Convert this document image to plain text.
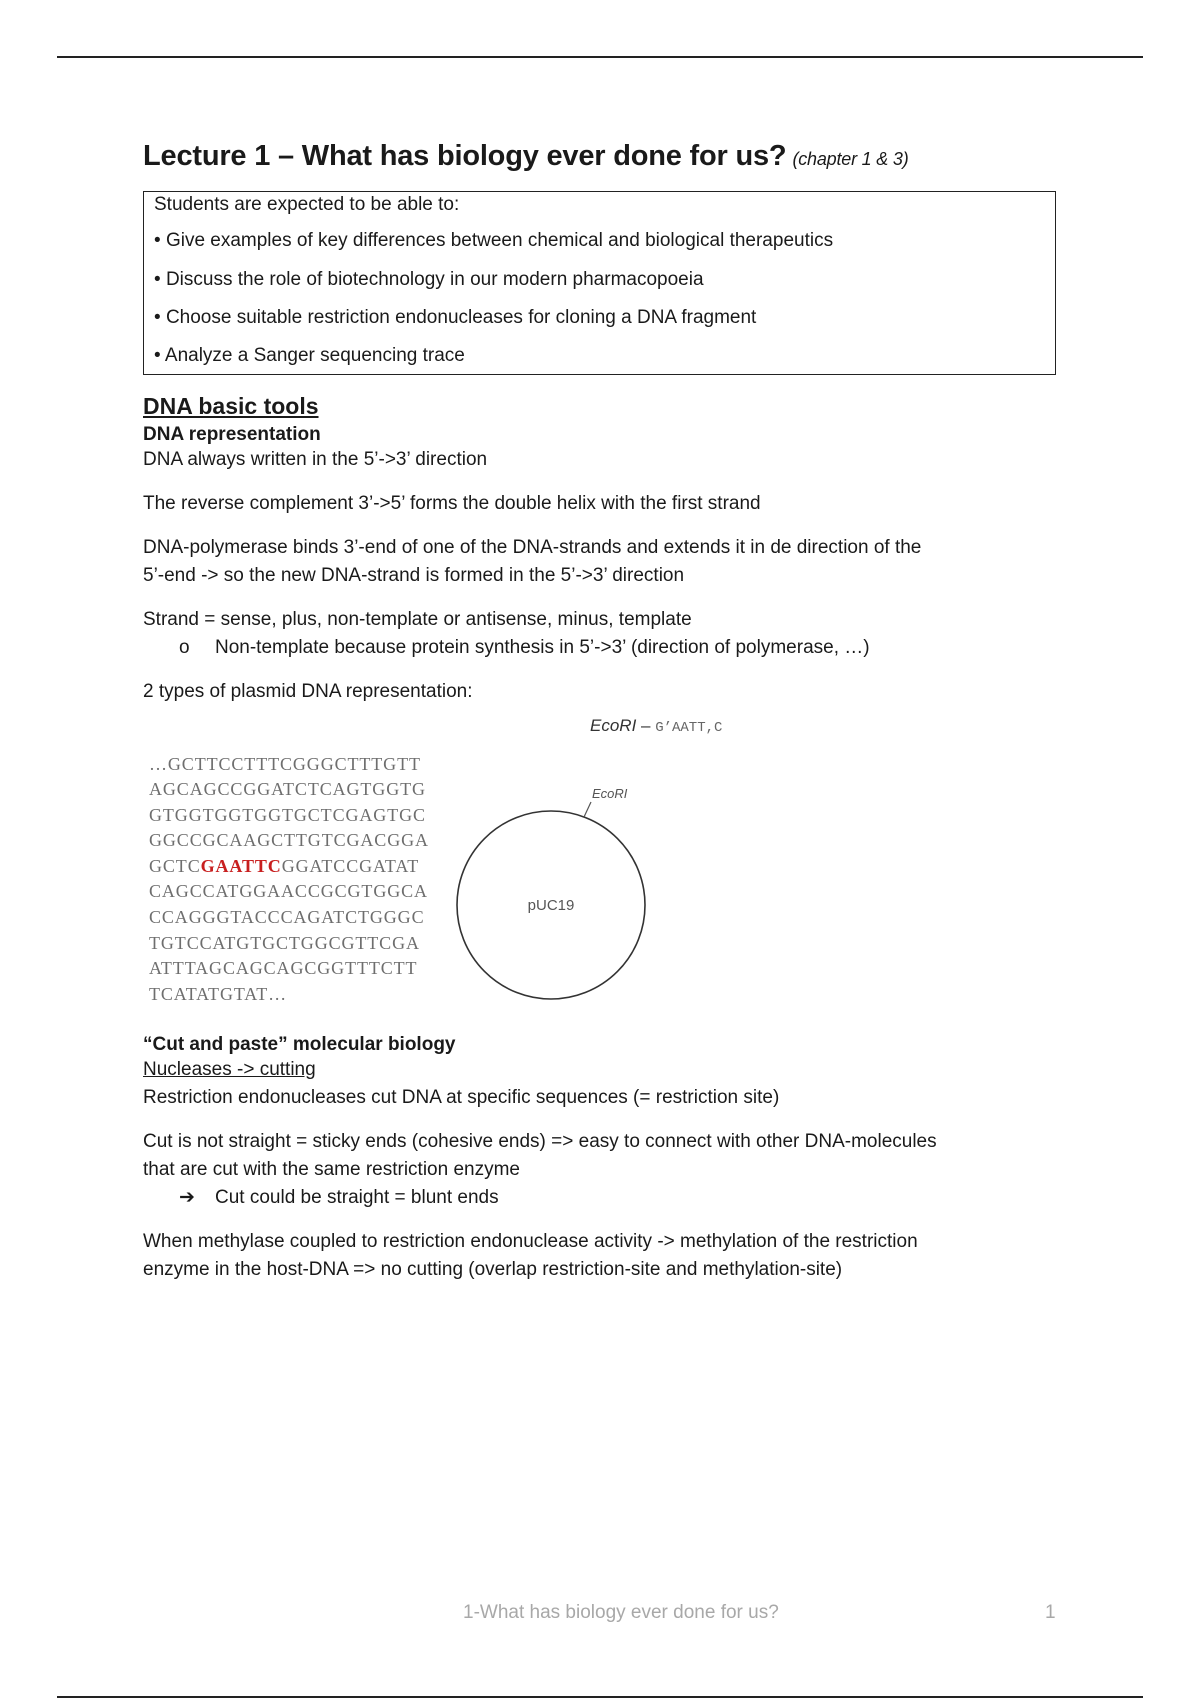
Lecture 1 – What has biology ever done for us? (chapter 1 & 3)
Students are expected to be able to:
• Give examples of key differences between chemical and biological therapeutics
• Discuss the role of biotechnology in our modern pharmacopoeia
• Choose suitable restriction endonucleases for cloning a DNA fragment
• Analyze a Sanger sequencing trace
DNA basic tools
DNA representation

DNA always written in the 5’->3’ direction

The reverse complement 3’->5’ forms the double helix with the first strand

DNA-polymerase binds 3’-end of one of the DNA-strands and extends it in de direction of the
5’-end -> so the new DNA-strand is formed in the 5’->3’ direction

Strand = sense, plus, non-template or antisense, minus, template

o Non-template because protein synthesis in 5’->3’ (direction of polymerase, …)

2 types of plasmid DNA representation:

EcoRI – G’AATT,C
…GCTTCCTTTCGGGCTTTGTT
AGCAGCCGGATCTCAGTGGTG
GTGGTGGTGGTGCTCGAGTGC
GGCCGCAAGCTTGTCGACGGA
GCTCGAATTCGGATCCGATAT
CAGCCATGGAACCGCGTGGCA
CCAGGGTACCCAGATCTGGGC
TGTCCATGTGCTGGCGTTCGA
ATTTAGCAGCAGCGGTTTCTT
TCATATGTAT…
EcoRI
pUC19
“Cut and paste” molecular biology

Nucleases -> cutting

Restriction endonucleases cut DNA at specific sequences (= restriction site)

Cut is not straight = sticky ends (cohesive ends) => easy to connect with other DNA-molecules
that are cut with the same restriction enzyme

➔ Cut could be straight = blunt ends

When methylase coupled to restriction endonuclease activity -> methylation of the restriction
enzyme in the host-DNA => no cutting (overlap restriction-site and methylation-site)

1-What has biology ever done for us?	1
